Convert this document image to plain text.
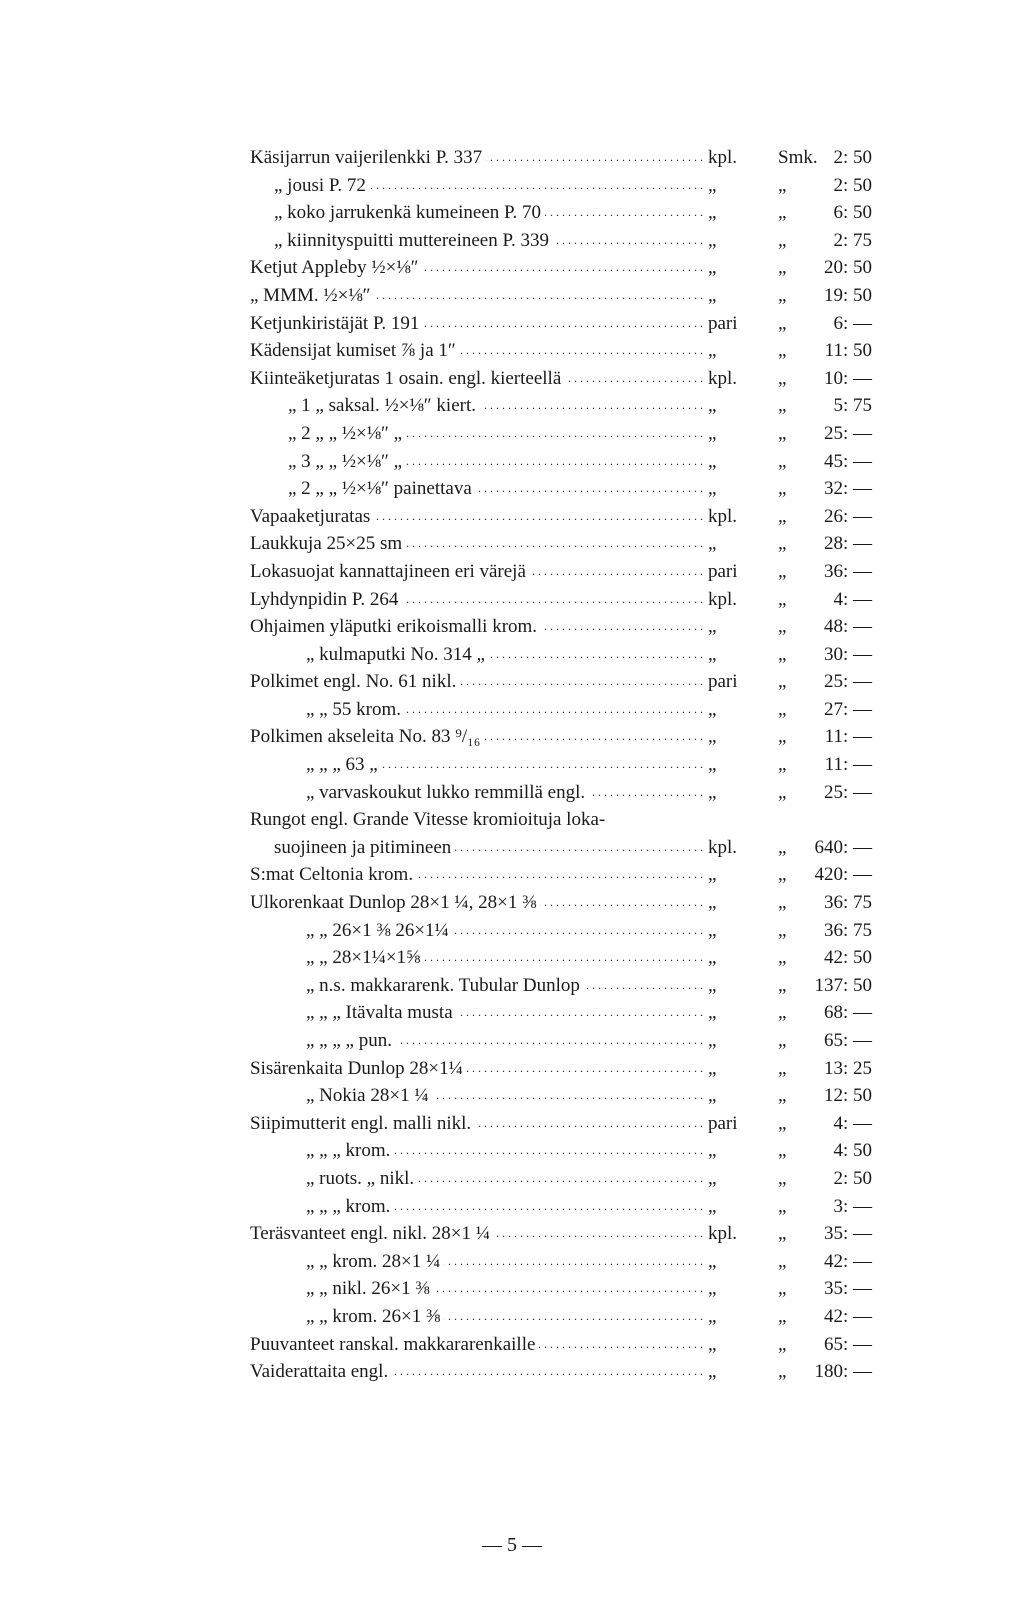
Käsijarrun vaijerilenkki P. 337 . . .	kpl.	Smk. 2: 50
„ jousi P. 72 . . .	„	„	2: 50
„ koko jarrukenkä kumeineen P. 70 . . .	„	„	6: 50
„ kiinnityspuitti muttereineen P. 339 . . .	„	„	2: 75
Ketjut Appleby ½×⅛″ . . .	„	„	20: 50
„ MMM. ½×⅛″ . . .	„	„	19: 50
Ketjunkiristäjät P. 191 . . .	pari	„	6: —
Kädensijat kumiset ⅞ ja 1″ . . .	„	„	11: 50
Kiinteäketjuratas 1 osain. engl. kierteellä . . .	kpl.	„	10: —
„ 1 „ saksal. ½×⅛″ kiert. . . .	„	„	5: 75
„ 2 „ „ ½×⅛″ „ . . .	„	„	25: —
„ 3 „ „ ½×⅛″ „ . . .	„	„	45: —
„ 2 „ „ ½×⅛″ painettava . . .	„	„	32: —
Vapaaketjuratas . . .	kpl.	„	26: —
Laukkuja 25×25 sm . . .	„	„	28: —
Lokasuojat kannattajineen eri värejä . . .	pari	„	36: —
Lyhdynpidin P. 264 . . .	kpl.	„	4: —
Ohjaimen yläputki erikoismalli krom. . . .	„	„	48: —
„ kulmaputki No. 314 „ . . .	„	„	30: —
Polkimet engl. No. 61 nikl. . . .	pari	„	25: —
„ „ 55 krom. . . .	„	„	27: —
Polkimen akseleita No. 83 ⁹/₁₆ . . .	„	„	11: —
„ „ „ 63 „ . . .	„	„	11: —
„ varvaskoukut lukko remmillä engl. . . .	„	„	25: —
Rungot engl. Grande Vitesse kromioituja loka-
suojineen ja pitimineen . . .	kpl.	„	640: —
S:mat Celtonia krom. . . .	„	„	420: —
Ulkorenkaat Dunlop 28×1 ¼, 28×1 ⅜ . . .	„	„	36: 75
„ „ 26×1 ⅜ 26×1¼ . . .	„	„	36: 75
„ „ 28×1¼×1⅝ . . .	„	„	42: 50
„ n.s. makkararenk. Tubular Dunlop . . .	„	„	137: 50
„ „ „ Itävalta musta . . .	„	„	68: —
„ „ „ „ pun. . . .	„	„	65: —
Sisärenkaita Dunlop 28×1¼ . . .	„	„	13: 25
„ Nokia 28×1 ¼ . . .	„	„	12: 50
Siipimutterit engl. malli nikl. . . .	pari	„	4: —
„ „ „ krom. . . .	„	„	4: 50
„ ruots. „ nikl. . . .	„	„	2: 50
„ „ „ krom. . . .	„	„	3: —
Teräsvanteet engl. nikl. 28×1 ¼ . . .	kpl.	„	35: —
„ „ krom. 28×1 ¼ . . .	„	„	42: —
„ „ nikl. 26×1 ⅜ . . .	„	„	35: —
„ „ krom. 26×1 ⅜ . . .	„	„	42: —
Puuvanteet ranskal. makkararenkaille . . .	„	„	65: —
Vaiderattaita engl. . . .	„	„	180: —
— 5 —
